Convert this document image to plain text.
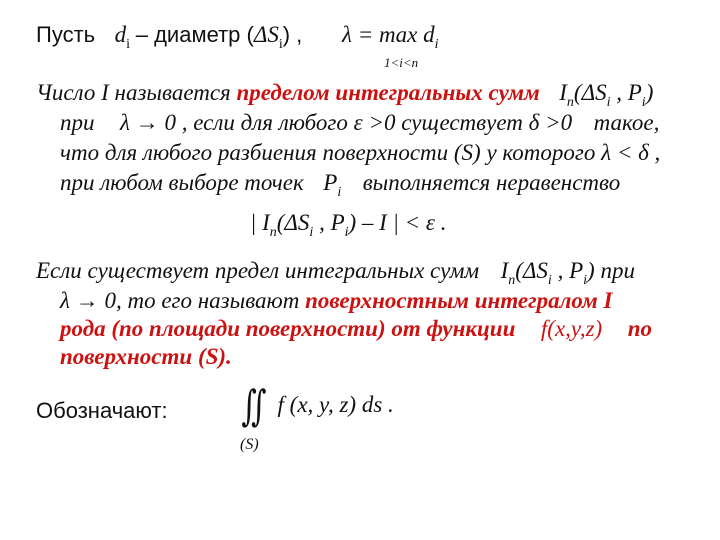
Пусть $d_i$ – диаметр $(\Delta S_i)$ , $\lambda = \max d_i$
1<i<n
Число I называется пределом интегральных сумм $I_n(\Delta S_i$ , $P_i$)
при λ → 0 , если для любого ε >0 существует δ >0 такое,
что для любого разбиения поверхности (S) у которого λ < δ ,
при любом выборе точек $P_i$ выполняется неравенство
| $I_n(\Delta S_i$ , $P_i$) – I | < ε .
Если существует предел интегральных сумм $I_n(\Delta S_i$ , $P_i$) при
λ → 0, то его называют поверхностным интегралом I
рода (по площади поверхности) от функции f(x,y,z) по
поверхности (S).
Обозначают: ∬ f (x, y, z) ds .
(S)
